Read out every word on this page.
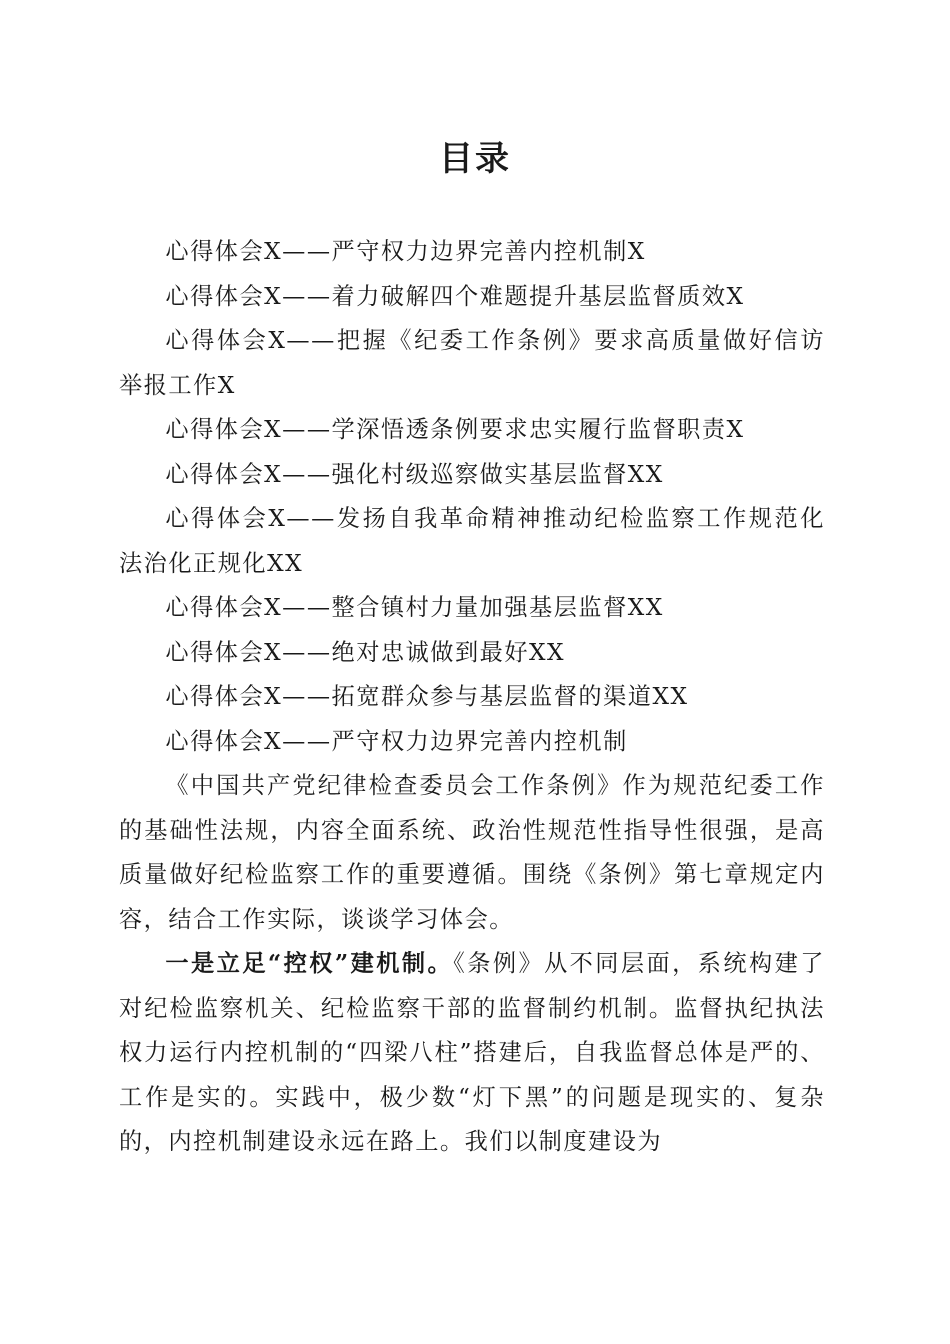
目录

心得体会X——严守权力边界完善内控机制X

心得体会X——着力破解四个难题提升基层监督质效X

心得体会X——把握《纪委工作条例》要求高质量做好信访举报工作X

心得体会X——学深悟透条例要求忠实履行监督职责X

心得体会X——强化村级巡察做实基层监督XX

心得体会X——发扬自我革命精神推动纪检监察工作规范化法治化正规化XX

心得体会X——整合镇村力量加强基层监督XX

心得体会X——绝对忠诚做到最好XX

心得体会X——拓宽群众参与基层监督的渠道XX

心得体会X——严守权力边界完善内控机制

《中国共产党纪律检查委员会工作条例》作为规范纪委工作的基础性法规，内容全面系统、政治性规范性指导性很强，是高质量做好纪检监察工作的重要遵循。围绕《条例》第七章规定内容，结合工作实际，谈谈学习体会。

一是立足“控权”建机制。《条例》从不同层面，系统构建了对纪检监察机关、纪检监察干部的监督制约机制。监督执纪执法权力运行内控机制的“四梁八柱”搭建后，自我监督总体是严的、工作是实的。实践中，极少数“灯下黑”的问题是现实的、复杂的，内控机制建设永远在路上。我们以制度建设为
